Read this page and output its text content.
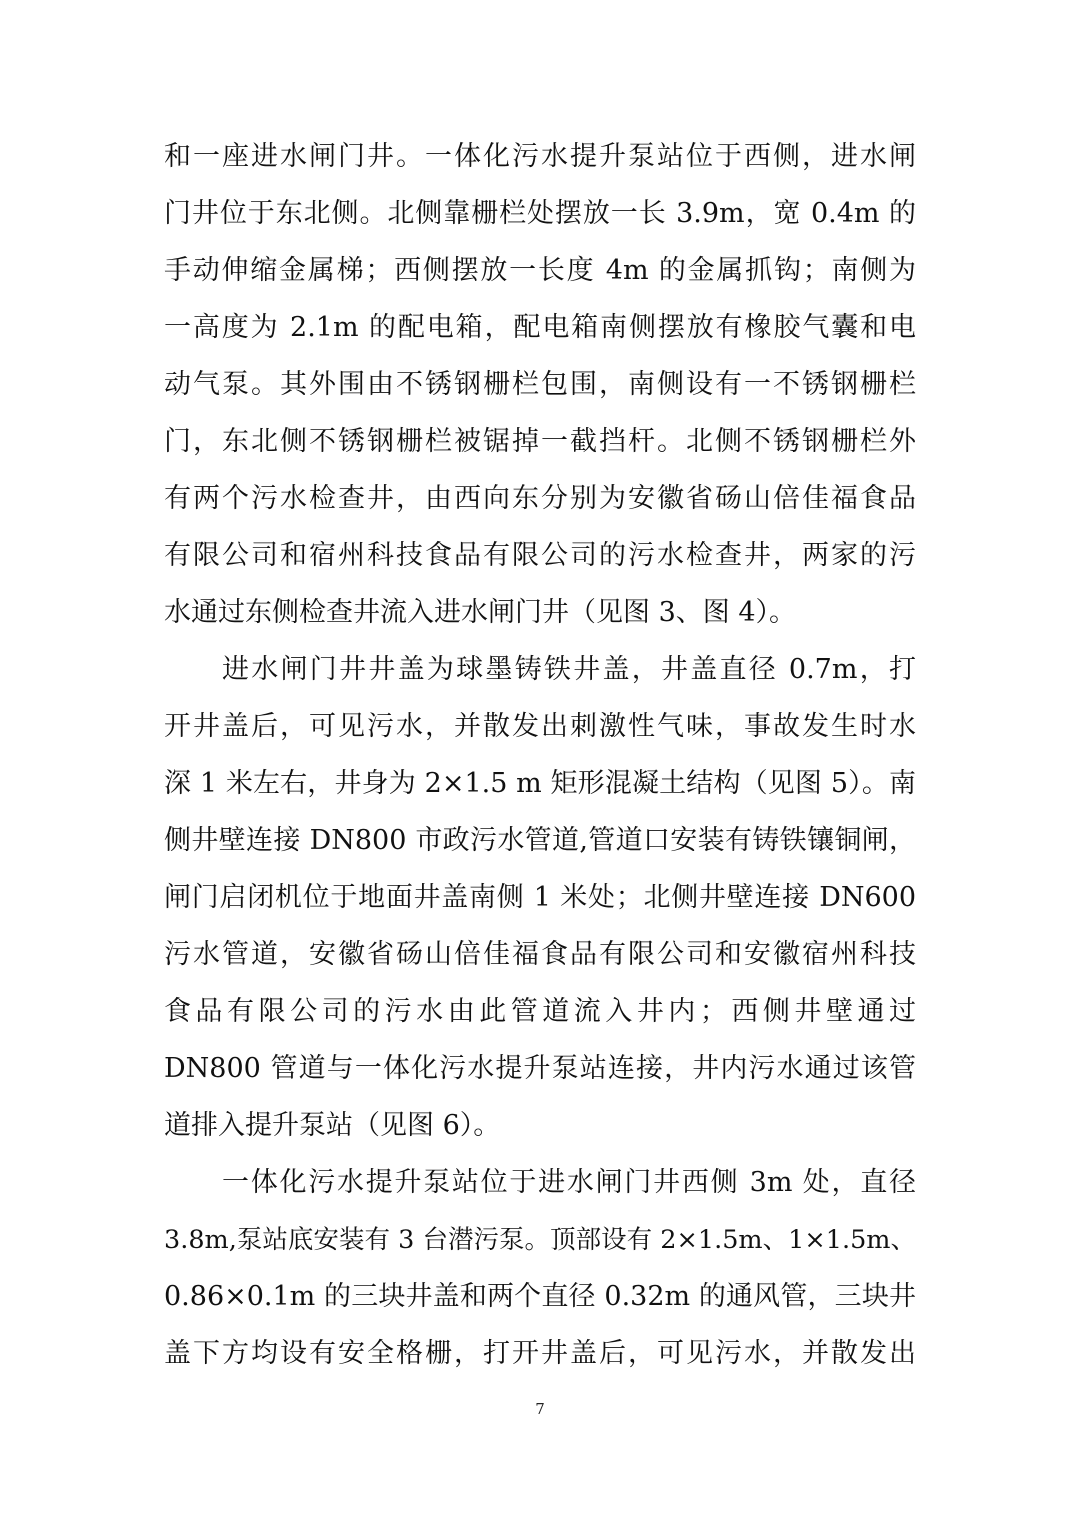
和一座进水闸门井。一体化污水提升泵站位于西侧，进水闸
门井位于东北侧。北侧靠栅栏处摆放一长 3.9m，宽 0.4m 的
手动伸缩金属梯；西侧摆放一长度 4m 的金属抓钩；南侧为
一高度为 2.1m 的配电箱，配电箱南侧摆放有橡胶气囊和电
动气泵。其外围由不锈钢栅栏包围，南侧设有一不锈钢栅栏
门，东北侧不锈钢栅栏被锯掉一截挡杆。北侧不锈钢栅栏外
有两个污水检查井，由西向东分别为安徽省砀山倍佳福食品
有限公司和宿州科技食品有限公司的污水检查井，两家的污
水通过东侧检查井流入进水闸门井（见图 3、图 4）。
进水闸门井井盖为球墨铸铁井盖，井盖直径 0.7m，打
开井盖后，可见污水，并散发出刺激性气味，事故发生时水
深 1 米左右，井身为 2×1.5 m 矩形混凝土结构（见图 5）。南
侧井壁连接 DN800 市政污水管道,管道口安装有铸铁镶铜闸，
闸门启闭机位于地面井盖南侧 1 米处；北侧井壁连接 DN600
污水管道，安徽省砀山倍佳福食品有限公司和安徽宿州科技
食品有限公司的污水由此管道流入井内；西侧井壁通过
DN800 管道与一体化污水提升泵站连接，井内污水通过该管
道排入提升泵站（见图 6）。
一体化污水提升泵站位于进水闸门井西侧 3m 处，直径
3.8m,泵站底安装有 3 台潜污泵。顶部设有 2×1.5m、1×1.5m、
0.86×0.1m 的三块井盖和两个直径 0.32m 的通风管，三块井
盖下方均设有安全格栅，打开井盖后，可见污水，并散发出
7
